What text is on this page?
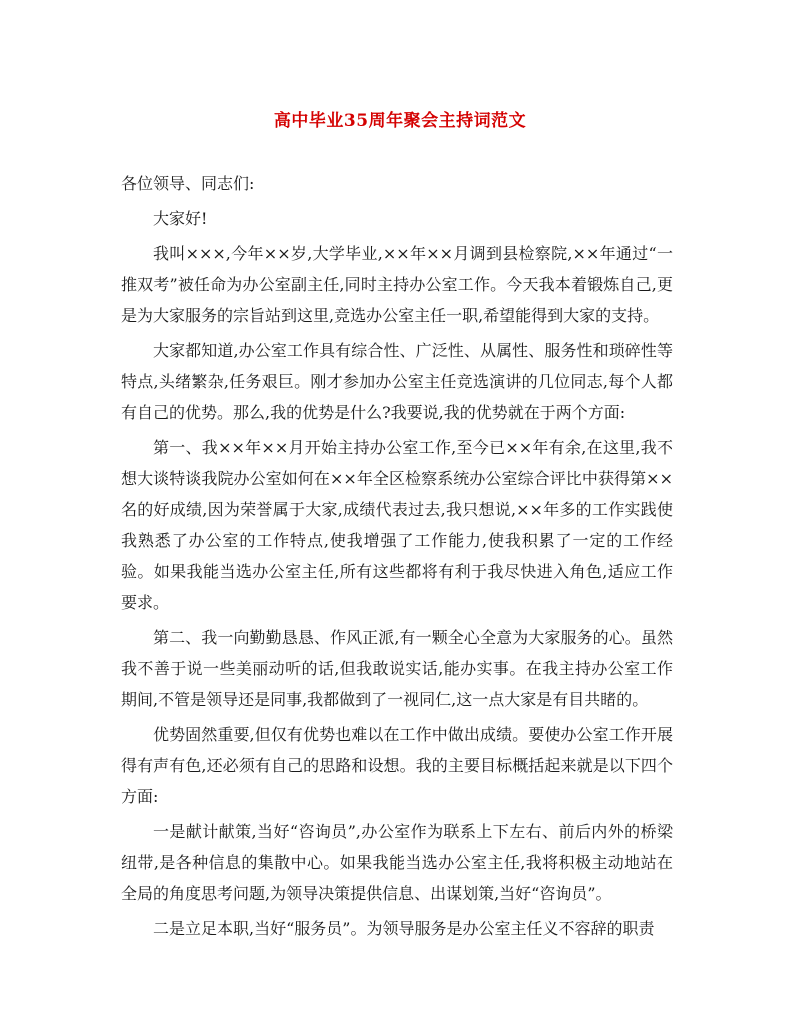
高中毕业35周年聚会主持词范文

各位领导、同志们:

大家好!

我叫×××,今年××岁,大学毕业,××年××月调到县检察院,××年通过“一推双考”被任命为办公室副主任,同时主持办公室工作。今天我本着锻炼自己,更是为大家服务的宗旨站到这里,竞选办公室主任一职,希望能得到大家的支持。

大家都知道,办公室工作具有综合性、广泛性、从属性、服务性和琐碎性等特点,头绪繁杂,任务艰巨。刚才参加办公室主任竞选演讲的几位同志,每个人都有自己的优势。那么,我的优势是什么?我要说,我的优势就在于两个方面:

第一、我××年××月开始主持办公室工作,至今已××年有余,在这里,我不想大谈特谈我院办公室如何在××年全区检察系统办公室综合评比中获得第××名的好成绩,因为荣誉属于大家,成绩代表过去,我只想说,××年多的工作实践使我熟悉了办公室的工作特点,使我增强了工作能力,使我积累了一定的工作经验。如果我能当选办公室主任,所有这些都将有利于我尽快进入角色,适应工作要求。

第二、我一向勤勤恳恳、作风正派,有一颗全心全意为大家服务的心。虽然我不善于说一些美丽动听的话,但我敢说实话,能办实事。在我主持办公室工作期间,不管是领导还是同事,我都做到了一视同仁,这一点大家是有目共睹的。

优势固然重要,但仅有优势也难以在工作中做出成绩。要使办公室工作开展得有声有色,还必须有自己的思路和设想。我的主要目标概括起来就是以下四个方面:

一是献计献策,当好“咨询员”,办公室作为联系上下左右、前后内外的桥梁纽带,是各种信息的集散中心。如果我能当选办公室主任,我将积极主动地站在全局的角度思考问题,为领导决策提供信息、出谋划策,当好“咨询员”。

二是立足本职,当好“服务员”。为领导服务是办公室主任义不容辞的职责
